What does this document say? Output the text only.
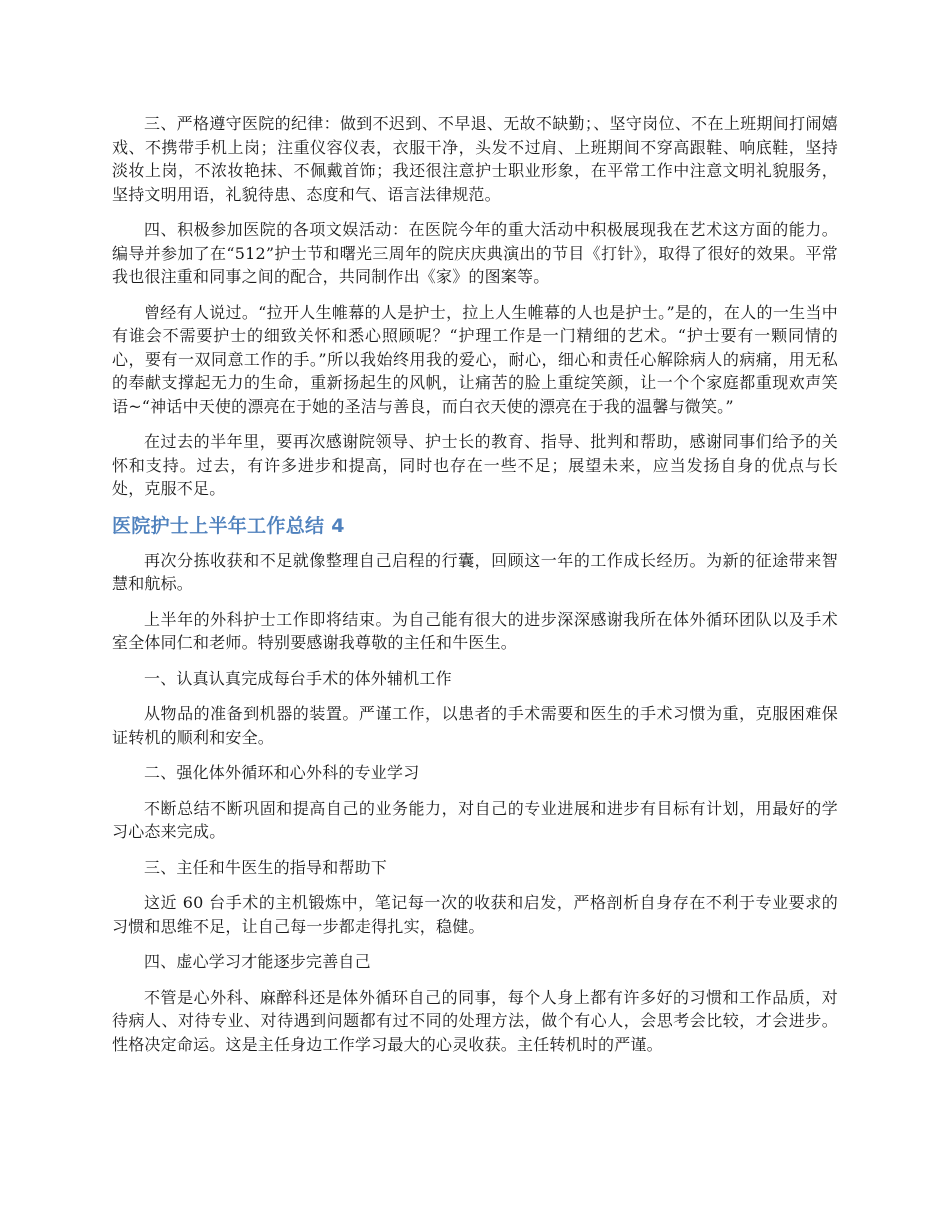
三、严格遵守医院的纪律：做到不迟到、不早退、无故不缺勤；、坚守岗位、不在上班期间打闹嬉戏、不携带手机上岗；注重仪容仪表，衣服干净，头发不过肩、上班期间不穿高跟鞋、响底鞋，坚持淡妆上岗，不浓妆艳抹、不佩戴首饰；我还很注意护士职业形象，在平常工作中注意文明礼貌服务，坚持文明用语，礼貌待患、态度和气、语言法律规范。

四、积极参加医院的各项文娱活动：在医院今年的重大活动中积极展现我在艺术这方面的能力。编导并参加了在“512”护士节和曙光三周年的院庆庆典演出的节目《打针》，取得了很好的效果。平常我也很注重和同事之间的配合，共同制作出《家》的图案等。

曾经有人说过。“拉开人生帷幕的人是护士，拉上人生帷幕的人也是护士。”是的，在人的一生当中有谁会不需要护士的细致关怀和悉心照顾呢？“护理工作是一门精细的艺术。“护士要有一颗同情的心，要有一双同意工作的手。”所以我始终用我的爱心，耐心，细心和责任心解除病人的病痛，用无私的奉献支撑起无力的生命，重新扬起生的风帆，让痛苦的脸上重绽笑颜，让一个个家庭都重现欢声笑语~“神话中天使的漂亮在于她的圣洁与善良，而白衣天使的漂亮在于我的温馨与微笑。”

在过去的半年里，要再次感谢院领导、护士长的教育、指导、批判和帮助，感谢同事们给予的关怀和支持。过去，有许多进步和提高，同时也存在一些不足；展望未来，应当发扬自身的优点与长处，克服不足。

医院护士上半年工作总结 4

再次分拣收获和不足就像整理自己启程的行囊，回顾这一年的工作成长经历。为新的征途带来智慧和航标。

上半年的外科护士工作即将结束。为自己能有很大的进步深深感谢我所在体外循环团队以及手术室全体同仁和老师。特别要感谢我尊敬的主任和牛医生。

一、认真认真完成每台手术的体外辅机工作

从物品的准备到机器的装置。严谨工作，以患者的手术需要和医生的手术习惯为重，克服困难保证转机的顺利和安全。

二、强化体外循环和心外科的专业学习

不断总结不断巩固和提高自己的业务能力，对自己的专业进展和进步有目标有计划，用最好的学习心态来完成。

三、主任和牛医生的指导和帮助下

这近 60 台手术的主机锻炼中，笔记每一次的收获和启发，严格剖析自身存在不利于专业要求的习惯和思维不足，让自己每一步都走得扎实，稳健。

四、虚心学习才能逐步完善自己

不管是心外科、麻醉科还是体外循环自己的同事，每个人身上都有许多好的习惯和工作品质，对待病人、对待专业、对待遇到问题都有过不同的处理方法，做个有心人，会思考会比较，才会进步。性格决定命运。这是主任身边工作学习最大的心灵收获。主任转机时的严谨。
